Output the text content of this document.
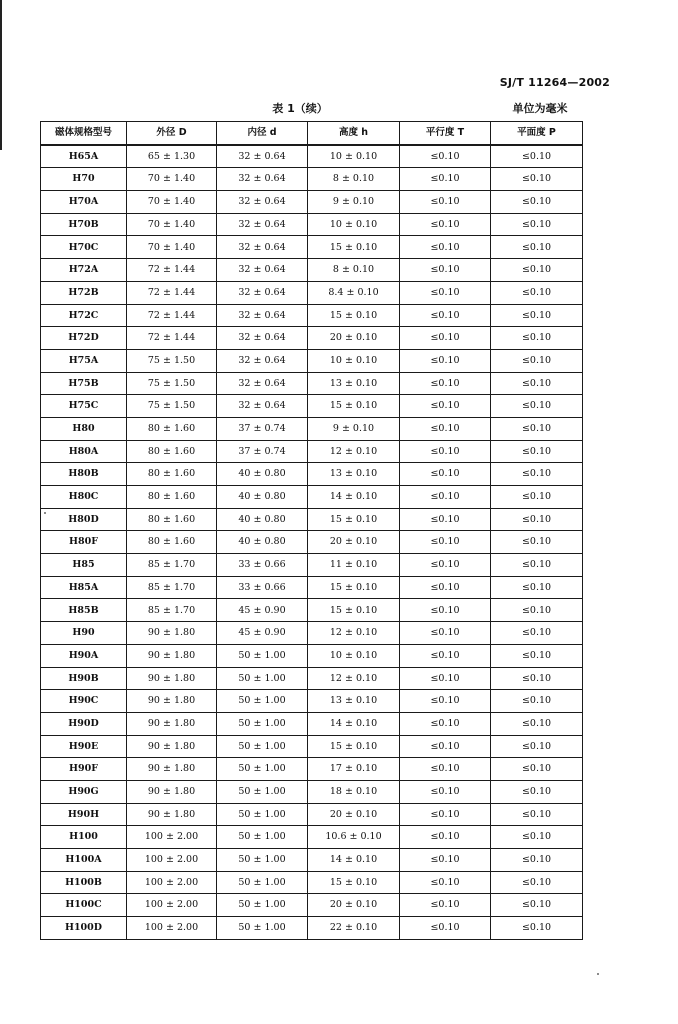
SJ/T 11264—2002
表 1（续）	单位为毫米
磁体规格型号	外径 D	内径 d	高度 h	平行度 T	平面度 P
H65A	65 ± 1.30	32 ± 0.64	10 ± 0.10	≤0.10	≤0.10
H70	70 ± 1.40	32 ± 0.64	8 ± 0.10	≤0.10	≤0.10
H70A	70 ± 1.40	32 ± 0.64	9 ± 0.10	≤0.10	≤0.10
H70B	70 ± 1.40	32 ± 0.64	10 ± 0.10	≤0.10	≤0.10
H70C	70 ± 1.40	32 ± 0.64	15 ± 0.10	≤0.10	≤0.10
H72A	72 ± 1.44	32 ± 0.64	8 ± 0.10	≤0.10	≤0.10
H72B	72 ± 1.44	32 ± 0.64	8.4 ± 0.10	≤0.10	≤0.10
H72C	72 ± 1.44	32 ± 0.64	15 ± 0.10	≤0.10	≤0.10
H72D	72 ± 1.44	32 ± 0.64	20 ± 0.10	≤0.10	≤0.10
H75A	75 ± 1.50	32 ± 0.64	10 ± 0.10	≤0.10	≤0.10
H75B	75 ± 1.50	32 ± 0.64	13 ± 0.10	≤0.10	≤0.10
H75C	75 ± 1.50	32 ± 0.64	15 ± 0.10	≤0.10	≤0.10
H80	80 ± 1.60	37 ± 0.74	9 ± 0.10	≤0.10	≤0.10
H80A	80 ± 1.60	37 ± 0.74	12 ± 0.10	≤0.10	≤0.10
H80B	80 ± 1.60	40 ± 0.80	13 ± 0.10	≤0.10	≤0.10
H80C	80 ± 1.60	40 ± 0.80	14 ± 0.10	≤0.10	≤0.10
H80D	80 ± 1.60	40 ± 0.80	15 ± 0.10	≤0.10	≤0.10
H80F	80 ± 1.60	40 ± 0.80	20 ± 0.10	≤0.10	≤0.10
H85	85 ± 1.70	33 ± 0.66	11 ± 0.10	≤0.10	≤0.10
H85A	85 ± 1.70	33 ± 0.66	15 ± 0.10	≤0.10	≤0.10
H85B	85 ± 1.70	45 ± 0.90	15 ± 0.10	≤0.10	≤0.10
H90	90 ± 1.80	45 ± 0.90	12 ± 0.10	≤0.10	≤0.10
H90A	90 ± 1.80	50 ± 1.00	10 ± 0.10	≤0.10	≤0.10
H90B	90 ± 1.80	50 ± 1.00	12 ± 0.10	≤0.10	≤0.10
H90C	90 ± 1.80	50 ± 1.00	13 ± 0.10	≤0.10	≤0.10
H90D	90 ± 1.80	50 ± 1.00	14 ± 0.10	≤0.10	≤0.10
H90E	90 ± 1.80	50 ± 1.00	15 ± 0.10	≤0.10	≤0.10
H90F	90 ± 1.80	50 ± 1.00	17 ± 0.10	≤0.10	≤0.10
H90G	90 ± 1.80	50 ± 1.00	18 ± 0.10	≤0.10	≤0.10
H90H	90 ± 1.80	50 ± 1.00	20 ± 0.10	≤0.10	≤0.10
H100	100 ± 2.00	50 ± 1.00	10.6 ± 0.10	≤0.10	≤0.10
H100A	100 ± 2.00	50 ± 1.00	14 ± 0.10	≤0.10	≤0.10
H100B	100 ± 2.00	50 ± 1.00	15 ± 0.10	≤0.10	≤0.10
H100C	100 ± 2.00	50 ± 1.00	20 ± 0.10	≤0.10	≤0.10
H100D	100 ± 2.00	50 ± 1.00	22 ± 0.10	≤0.10	≤0.10
